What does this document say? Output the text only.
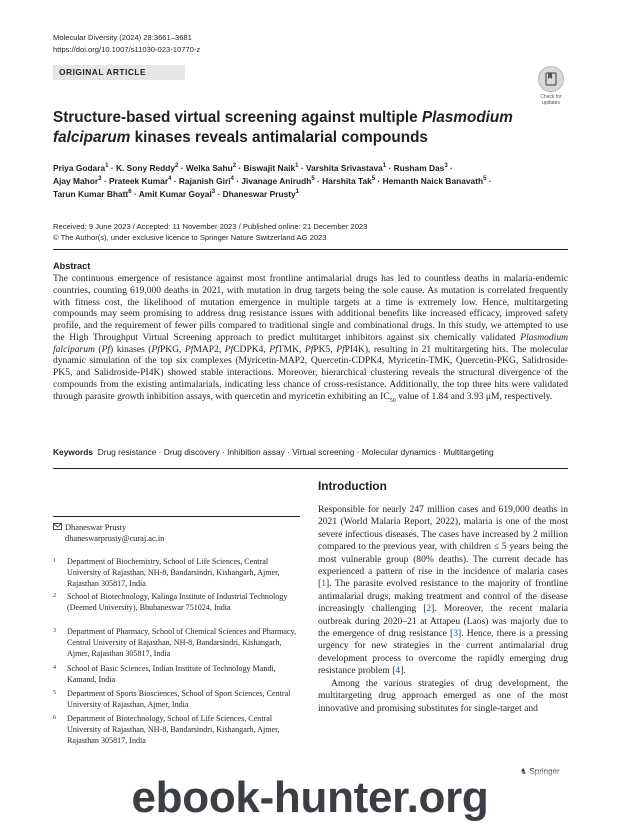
Molecular Diversity (2024) 28:3661–3681
https://doi.org/10.1007/s11030-023-10770-z
ORIGINAL ARTICLE
Check for
updates
Structure-based virtual screening against multiple Plasmodium falciparum kinases reveals antimalarial compounds
Priya Godara$^1$ · K. Sony Reddy$^2$ · Welka Sahu$^2$ · Biswajit Naik$^1$ · Varshita Srivastava$^1$ · Rusham Das$^3$ ·
Ajay Mahor$^3$ · Prateek Kumar$^4$ · Rajanish Giri$^4$ · Jivanage Anirudh$^5$ · Harshita Tak$^5$ · Hemanth Naick Banavath$^5$ ·
Tarun Kumar Bhatt$^6$ · Amit Kumar Goyal$^3$ · Dhaneswar Prusty$^1$
Received: 9 June 2023 / Accepted: 11 November 2023 / Published online: 21 December 2023
© The Author(s), under exclusive licence to Springer Nature Switzerland AG 2023
Abstract
The continuous emergence of resistance against most frontline antimalarial drugs has led to countless deaths in malaria-endemic countries, counting 619,000 deaths in 2021, with mutation in drug targets being the sole cause. As mutation is correlated frequently with fitness cost, the likelihood of mutation emergence in multiple targets at a time is extremely low. Hence, multitargeting compounds may seem promising to address drug resistance issues with additional benefits like increased efficacy, improved safety profile, and the requirement of fewer pills compared to traditional single and combinational drugs. In this study, we attempted to use the High Throughput Virtual Screening approach to predict multitarget inhibitors against six chemically validated Plasmodium falciparum (Pf) kinases (PfPKG, PfMAP2, PfCDPK4, PfTMK, PfPK5, PfPI4K), resulting in 21 multitargeting hits. The molecular dynamic simulation of the top six complexes (Myricetin-MAP2, Quercetin-CDPK4, Myricetin-TMK, Quercetin-PKG, Salidroside-PK5, and Salidroside-PI4K) showed stable interactions. Moreover, hierarchical clustering reveals the structural divergence of the compounds from the existing antimalarials, indicating less chance of cross-resistance. Additionally, the top three hits were validated through parasite growth inhibition assays, with quercetin and myricetin exhibiting an $IC_{50}$ value of 1.84 and 3.93 μM, respectively.
Keywords Drug resistance · Drug discovery · Inhibition assay · Virtual screening · Molecular dynamics · Multitargeting
Dhaneswar Prusty
dhaneswarprusty@curaj.ac.in
1 Department of Biochemistry, School of Life Sciences, Central University of Rajasthan, NH-8, Bandarsindri, Kishangarh, Ajmer, Rajasthan 305817, India
2 School of Biotechnology, Kalinga Institute of Industrial Technology (Deemed University), Bhubaneswar 751024, India
3 Department of Pharmacy, School of Chemical Sciences and Pharmacy, Central University of Rajasthan, NH-8, Bandarsindri, Kishangarh, Ajmer, Rajasthan 305817, India
4 School of Basic Sciences, Indian Institute of Technology Mandi, Kamand, India
5 Department of Sports Biosciences, School of Sport Sciences, Central University of Rajasthan, Ajmer, India
6 Department of Biotechnology, School of Life Sciences, Central University of Rajasthan, NH-8, Bandarsindri, Kishangarh, Ajmer, Rajasthan 305817, India
Introduction

Responsible for nearly 247 million cases and 619,000 deaths in 2021 (World Malaria Report, 2022), malaria is one of the most severe infectious diseases. The cases have increased by 2 million compared to the previous year, with children ≤ 5 years being the most vulnerable group (80% deaths). The current decade has experienced a pattern of rise in the incidence of malaria cases [1]. The parasite evolved resistance to the majority of frontline antimalarial drugs, making treatment and control of the disease increasingly challenging [2]. Moreover, the recent malaria outbreak during 2020–21 at Attapeu (Laos) was majorly due to the emergence of drug resistance [3]. Hence, there is a pressing urgency for new strategies in the current antimalarial drug development process to overcome the rapidly emerging drug resistance problem [4].

Among the various strategies of drug development, the multitargeting drug approach emerged as one of the most innovative and promising substitutes for single-target and

♞ Springer
ebook-hunter.org
